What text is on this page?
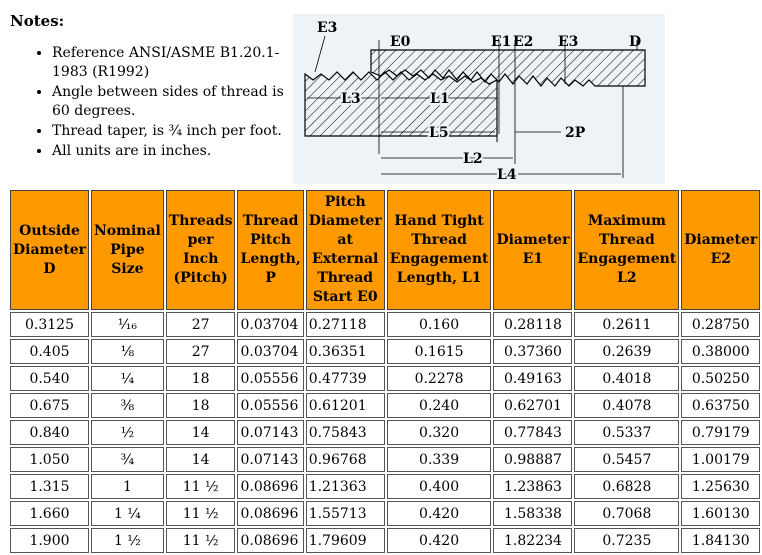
Notes:
• Reference ANSI/ASME B1.20.1-1983 (R1992)
• Angle between sides of thread is 60 degrees.
• Thread taper, is ¾ inch per foot.
• All units are in inches.
E3
E0	E1 E2 E3	D
L3	L1
L5	2P
L2
L4
Outside Diameter D	Nominal Pipe Size	Threads per Inch (Pitch)	Thread Pitch Length, P	Pitch Diameter at External Thread Start E0	Hand Tight Thread Engagement Length, L1	Diameter E1	Maximum Thread Engagement L2	Diameter E2
0.3125	¹⁄₁₆	27	0.03704	0.27118	0.160	0.28118	0.2611	0.28750
0.405	⅛	27	0.03704	0.36351	0.1615	0.37360	0.2639	0.38000
0.540	¼	18	0.05556	0.47739	0.2278	0.49163	0.4018	0.50250
0.675	⅜	18	0.05556	0.61201	0.240	0.62701	0.4078	0.63750
0.840	½	14	0.07143	0.75843	0.320	0.77843	0.5337	0.79179
1.050	¾	14	0.07143	0.96768	0.339	0.98887	0.5457	1.00179
1.315	1	11 ½	0.08696	1.21363	0.400	1.23863	0.6828	1.25630
1.660	1 ¼	11 ½	0.08696	1.55713	0.420	1.58338	0.7068	1.60130
1.900	1 ½	11 ½	0.08696	1.79609	0.420	1.82234	0.7235	1.84130
